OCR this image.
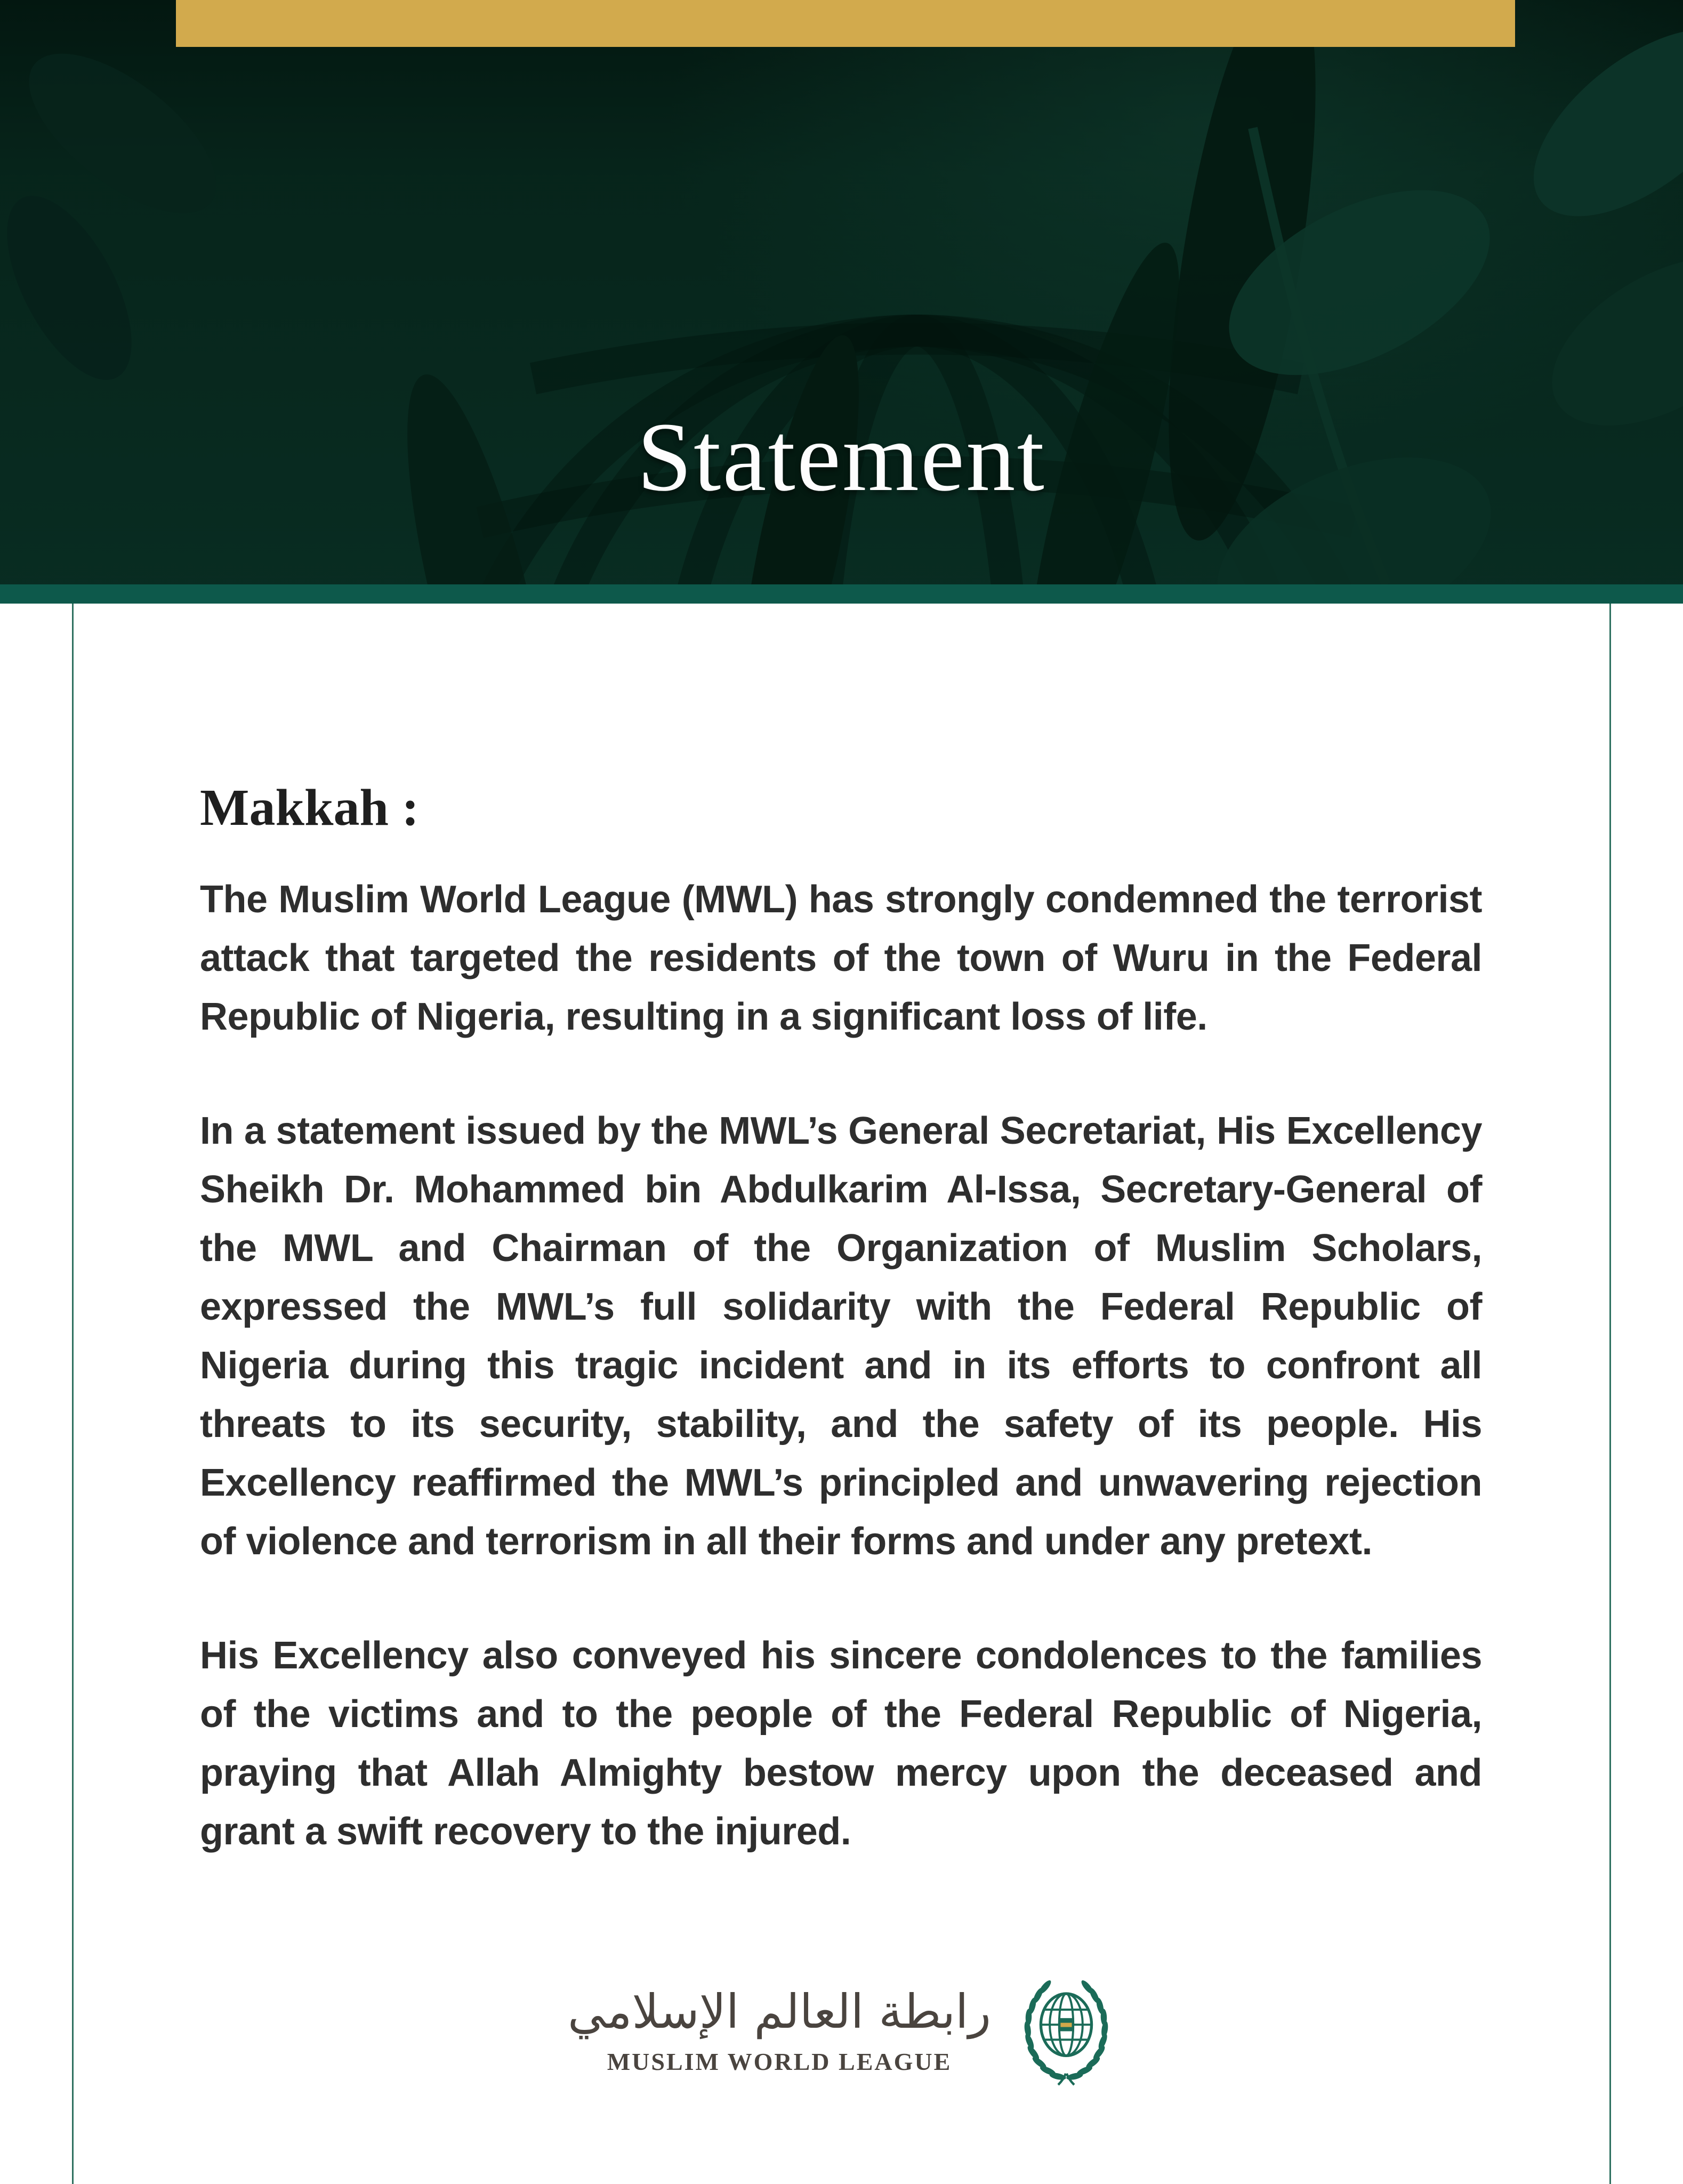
Statement
Makkah :

The Muslim World League (MWL) has strongly condemned the terrorist attack that targeted the residents of the town of Wuru in the Federal Republic of Nigeria, resulting in a significant loss of life.

In a statement issued by the MWL’s General Secretariat, His Excellency Sheikh Dr. Mohammed bin Abdulkarim Al-Issa, Secretary-General of the MWL and Chairman of the Organization of Muslim Scholars, expressed the MWL’s full solidarity with the Federal Republic of Nigeria during this tragic incident and in its efforts to confront all threats to its security, stability, and the safety of its people. His Excellency reaffirmed the MWL’s principled and unwavering rejection of violence and terrorism in all their forms and under any pretext.

His Excellency also conveyed his sincere condolences to the families of the victims and to the people of the Federal Republic of Nigeria, praying that Allah Almighty bestow mercy upon the deceased and grant a swift recovery to the injured.

رابطة العالم الإسلامي
MUSLIM WORLD LEAGUE
